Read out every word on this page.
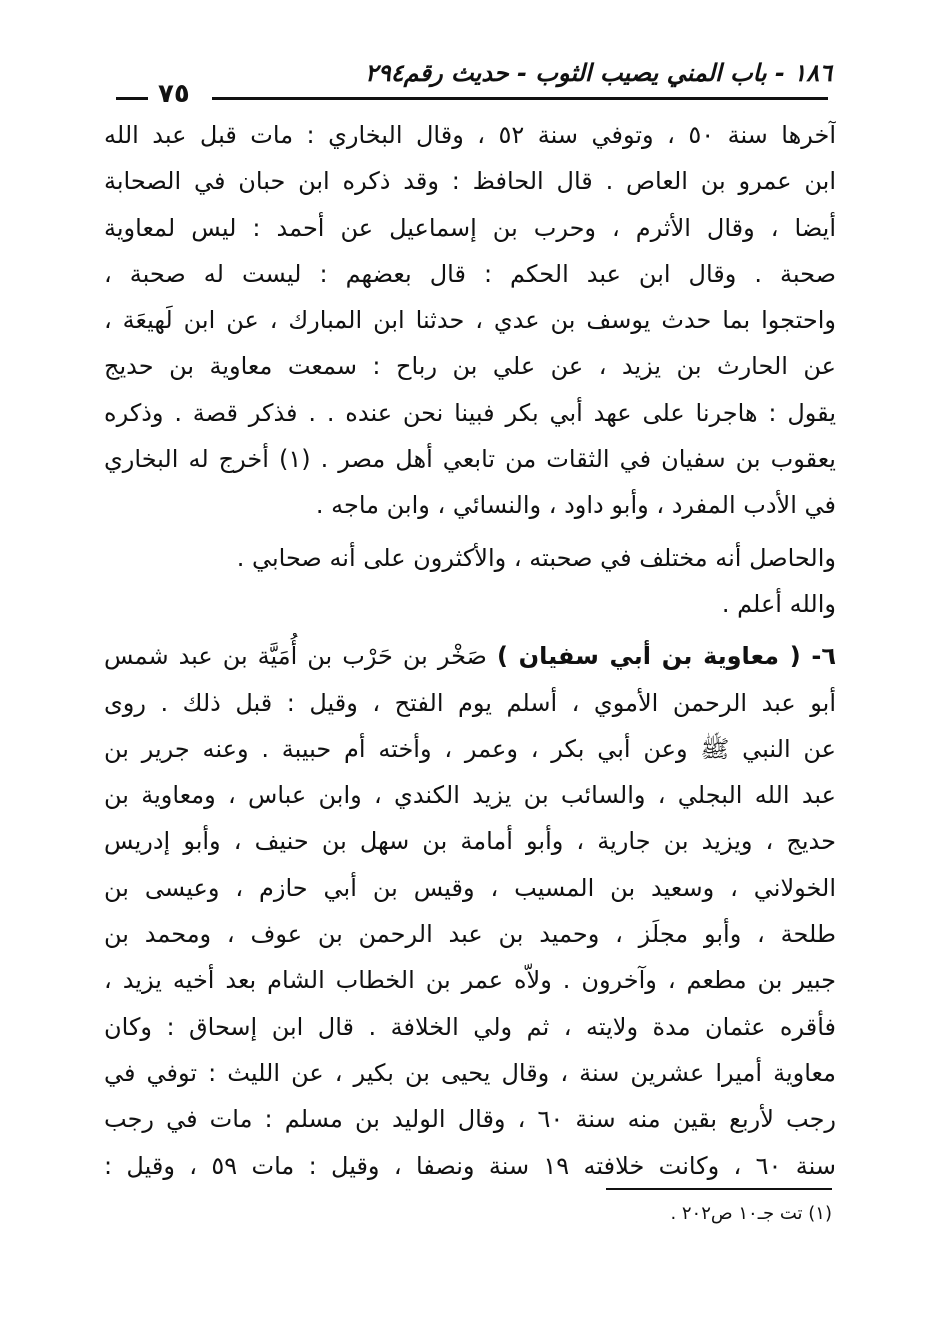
١٨٦ - باب المني يصيب الثوب - حديث رقم٢٩٤
٧٥
آخرها سنة ٥٠ ، وتوفي سنة ٥٢ ، وقال البخاري : مات قبل عبد الله
ابن عمرو بن العاص . قال الحافظ : وقد ذكره ابن حبان في الصحابة
أيضا ، وقال الأثرم ، وحرب بن إسماعيل عن أحمد : ليس لمعاوية
صحبة . وقال ابن عبد الحكم : قال بعضهم : ليست له صحبة ،
واحتجوا بما حدث يوسف بن عدي ، حدثنا ابن المبارك ، عن ابن لَهيعَة ،
عن الحارث بن يزيد ، عن علي بن رباح : سمعت معاوية بن حديج
يقول : هاجرنا على عهد أبي بكر فبينا نحن عنده . . فذكر قصة . وذكره
يعقوب بن سفيان في الثقات من تابعي أهل مصر . (١) أخرج له البخاري
في الأدب المفرد ، وأبو داود ، والنسائي ، وابن ماجه .
والحاصل أنه مختلف في صحبته ، والأكثرون على أنه صحابي .
والله أعلم .
٦- ( معاوية بن أبي سفيان ) صَخْر بن حَرْب بن أُمَيَّة بن عبد شمس
أبو عبد الرحمن الأموي ، أسلم يوم الفتح ، وقيل : قبل ذلك . روى
عن النبي ﷺ وعن أبي بكر ، وعمر ، وأخته أم حبيبة . وعنه جرير بن
عبد الله البجلي ، والسائب بن يزيد الكندي ، وابن عباس ، ومعاوية بن
حديج ، ويزيد بن جارية ، وأبو أمامة بن سهل بن حنيف ، وأبو إدريس
الخولاني ، وسعيد بن المسيب ، وقيس بن أبي حازم ، وعيسى بن
طلحة ، وأبو مجلَز ، وحميد بن عبد الرحمن بن عوف ، ومحمد بن
جبير بن مطعم ، وآخرون . ولاّه عمر بن الخطاب الشام بعد أخيه يزيد ،
فأقره عثمان مدة ولايته ، ثم ولي الخلافة . قال ابن إسحاق : وكان
معاوية أميرا عشرين سنة ، وقال يحيى بن بكير ، عن الليث : توفي في
رجب لأربع بقين منه سنة ٦٠ ، وقال الوليد بن مسلم : مات في رجب
سنة ٦٠ ، وكانت خلافته ١٩ سنة ونصفا ، وقيل : مات ٥٩ ، وقيل :
(١) تت جـ١٠ ص٢٠٢ .
